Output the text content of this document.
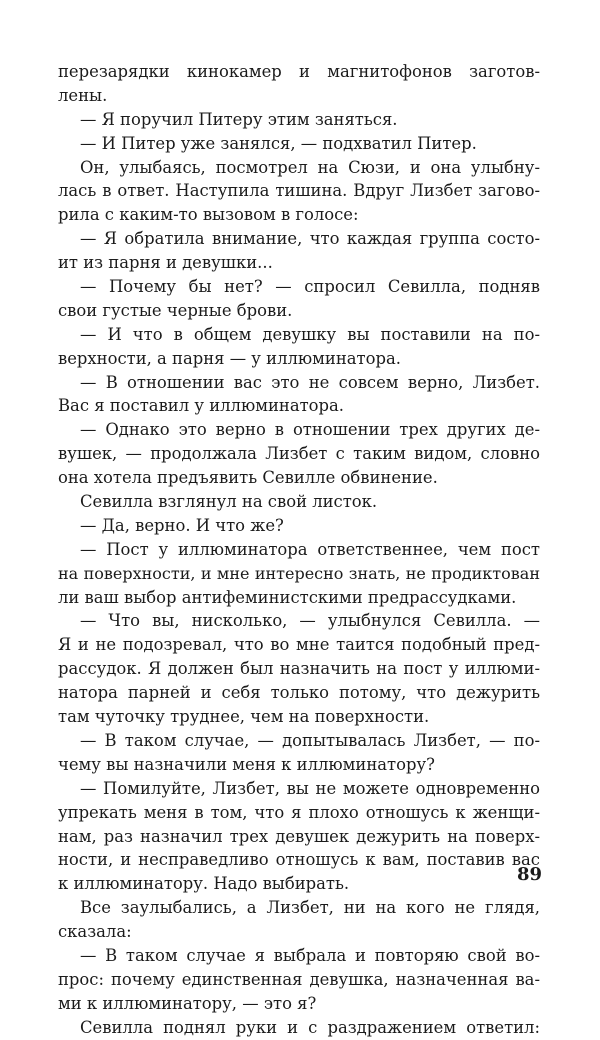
перезарядки кинокамер и магнитофонов заготов-
лены.
— Я поручил Питеру этим заняться.
— И Питер уже занялся, — подхватил Питер.
Он, улыбаясь, посмотрел на Сюзи, и она улыбну-
лась в ответ. Наступила тишина. Вдруг Лизбет загово-
рила с каким-то вызовом в голосе:
— Я обратила внимание, что каждая группа состо-
ит из парня и девушки...
— Почему бы нет? — спросил Севилла, подняв
свои густые черные брови.
— И что в общем девушку вы поставили на по-
верхности, а парня — у иллюминатора.
— В отношении вас это не совсем верно, Лизбет.
Вас я поставил у иллюминатора.
— Однако это верно в отношении трех других де-
вушек, — продолжала Лизбет с таким видом, словно
она хотела предъявить Севилле обвинение.
Севилла взглянул на свой листок.
— Да, верно. И что же?
— Пост у иллюминатора ответственнее, чем пост
на поверхности, и мне интересно знать, не продиктован
ли ваш выбор антифеминистскими предрассудками.
— Что вы, нисколько, — улыбнулся Севилла. —
Я и не подозревал, что во мне таится подобный пред-
рассудок. Я должен был назначить на пост у иллюми-
натора парней и себя только потому, что дежурить
там чуточку труднее, чем на поверхности.
— В таком случае, — допытывалась Лизбет, — по-
чему вы назначили меня к иллюминатору?
— Помилуйте, Лизбет, вы не можете одновременно
упрекать меня в том, что я плохо отношусь к женщи-
нам, раз назначил трех девушек дежурить на поверх-
ности, и несправедливо отношусь к вам, поставив вас
к иллюминатору. Надо выбирать.
Все заулыбались, а Лизбет, ни на кого не глядя,
сказала:
— В таком случае я выбрала и повторяю свой во-
прос: почему единственная девушка, назначенная ва-
ми к иллюминатору, — это я?
Севилла поднял руки и с раздражением ответил:
89
